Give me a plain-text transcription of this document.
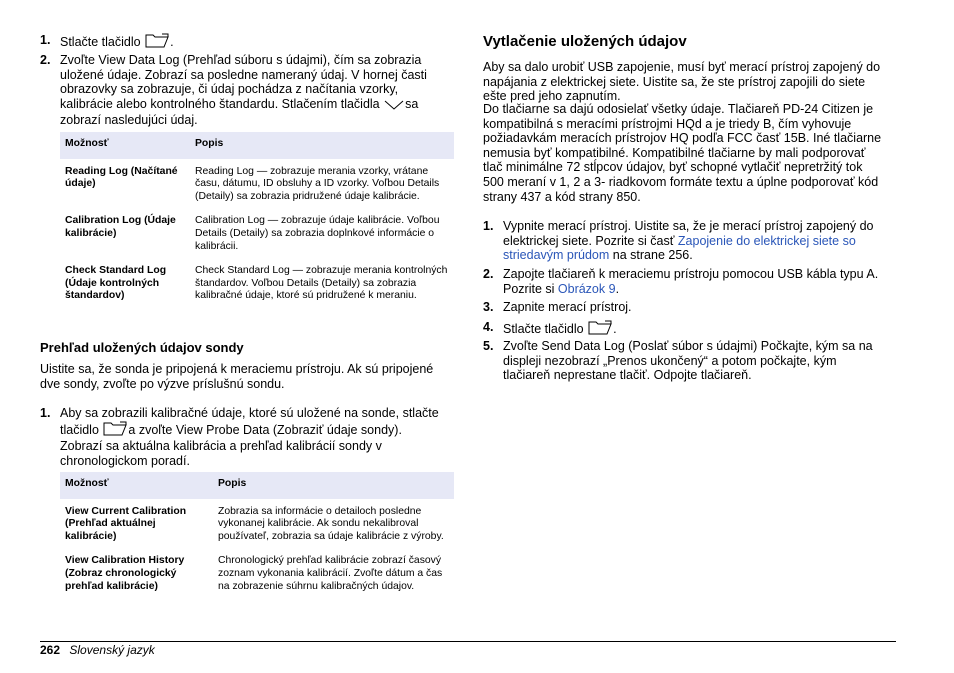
1. Stlačte tlačidlo .
2. Zvoľte View Data Log (Prehľad súboru s údajmi), čím sa zobrazia
uložené údaje. Zobrazí sa posledne nameraný údaj. V hornej časti
obrazovky sa zobrazuje, či údaj pochádza z načítania vzorky,
kalibrácie alebo kontrolného štandardu. Stlačením tlačidla sa
zobrazí nasledujúci údaj.
Možnosť	Popis
Reading Log (Načítané údaje)	Reading Log — zobrazuje merania vzorky, vrátane času, dátumu, ID obsluhy a ID vzorky. Voľbou Details (Detaily) sa zobrazia pridružené údaje kalibrácie.
Calibration Log (Údaje kalibrácie)	Calibration Log — zobrazuje údaje kalibrácie. Voľbou Details (Detaily) sa zobrazia doplnkové informácie o kalibrácii.
Check Standard Log (Údaje kontrolných štandardov)	Check Standard Log — zobrazuje merania kontrolných štandardov. Voľbou Details (Detaily) sa zobrazia kalibračné údaje, ktoré sú pridružené k meraniu.
Prehľad uložených údajov sondy
Uistite sa, že sonda je pripojená k meraciemu prístroju. Ak sú pripojené
dve sondy, zvoľte po výzve príslušnú sondu.
1. Aby sa zobrazili kalibračné údaje, ktoré sú uložené na sonde, stlačte
tlačidlo a zvoľte View Probe Data (Zobraziť údaje sondy).
Zobrazí sa aktuálna kalibrácia a prehľad kalibrácií sondy v
chronologickom poradí.
Možnosť	Popis
View Current Calibration (Prehľad aktuálnej kalibrácie)	Zobrazia sa informácie o detailoch posledne vykonanej kalibrácie. Ak sondu nekalibroval používateľ, zobrazia sa údaje kalibrácie z výroby.
View Calibration History (Zobraz chronologický prehľad kalibrácie)	Chronologický prehľad kalibrácie zobrazí časový zoznam vykonania kalibrácií. Zvoľte dátum a čas na zobrazenie súhrnu kalibračných údajov.
Vytlačenie uložených údajov
Aby sa dalo urobiť USB zapojenie, musí byť merací prístroj zapojený do
napájania z elektrickej siete. Uistite sa, že ste prístroj zapojili do siete
ešte pred jeho zapnutím.
Do tlačiarne sa dajú odosielať všetky údaje. Tlačiareň PD-24 Citizen je
kompatibilná s meracími prístrojmi HQd a je triedy B, čím vyhovuje
požiadavkám meracích prístrojov HQ podľa FCC časť 15B. Iné tlačiarne
nemusia byť kompatibilné. Kompatibilné tlačiarne by mali podporovať
tlač minimálne 72 stĺpcov údajov, byť schopné vytlačiť nepretržitý tok
500 meraní v 1, 2 a 3- riadkovom formáte textu a úplne podporovať kód
strany 437 a kód strany 850.
1. Vypnite merací prístroj. Uistite sa, že je merací prístroj zapojený do
elektrickej siete. Pozrite si časť Zapojenie do elektrickej siete so
striedavým prúdom na strane 256.
2. Zapojte tlačiareň k meraciemu prístroju pomocou USB kábla typu A.
Pozrite si Obrázok 9.
3. Zapnite merací prístroj.
4. Stlačte tlačidlo .
5. Zvoľte Send Data Log (Poslať súbor s údajmi) Počkajte, kým sa na
displeji nezobrazí „Prenos ukončený“ a potom počkajte, kým
tlačiareň neprestane tlačiť. Odpojte tlačiareň.
262 Slovenský jazyk
